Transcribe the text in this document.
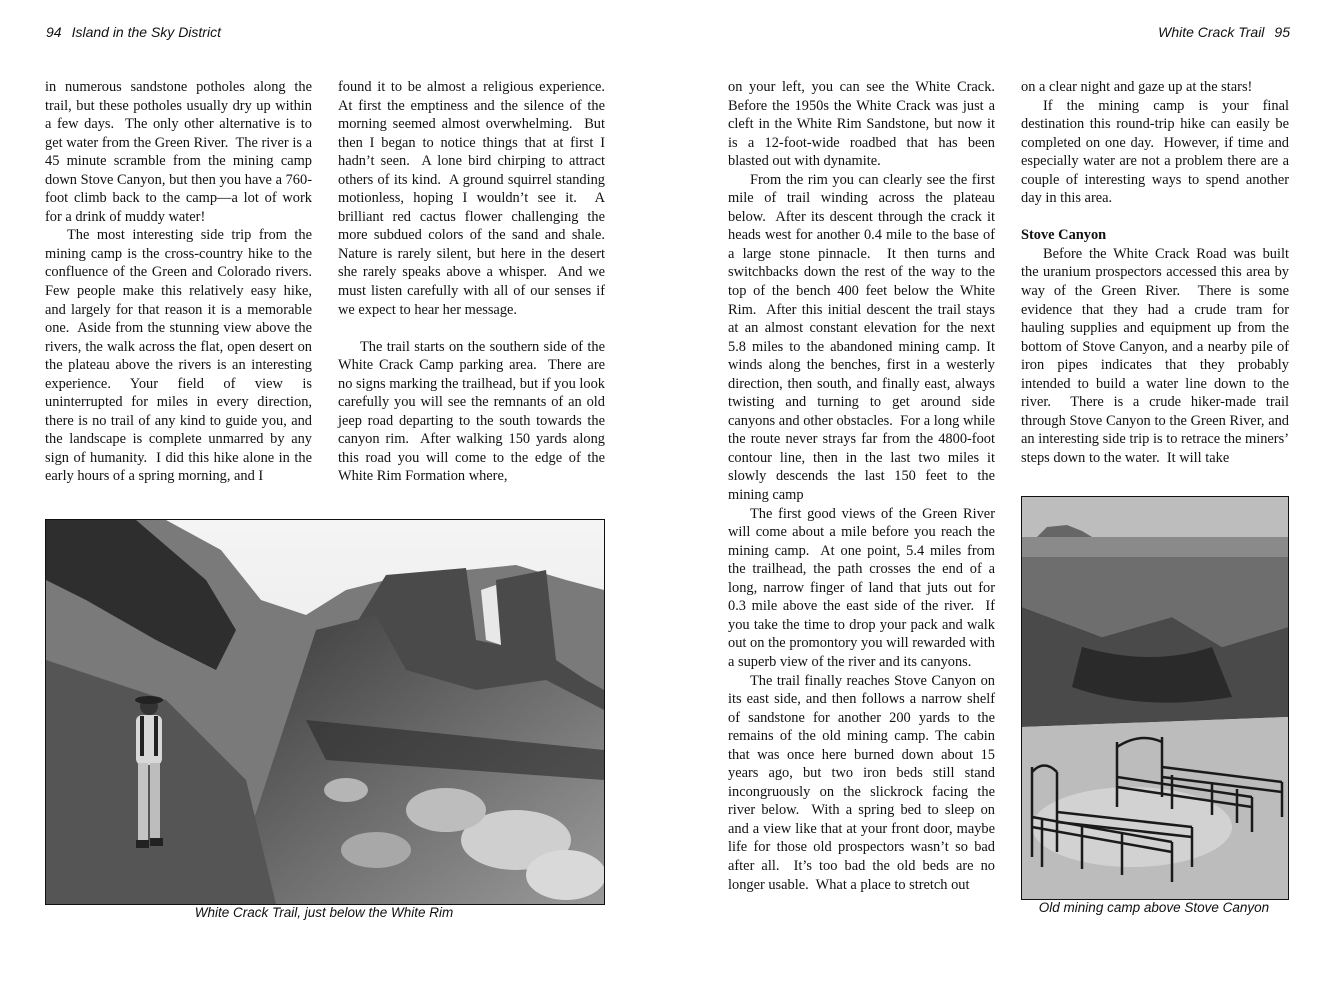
94 Island in the Sky District

in numerous sandstone potholes along the trail, but these potholes usually dry up within a few days.  The only other alternative is to get water from the Green River.  The river is a 45 minute scramble from the mining camp down Stove Canyon, but then you have a 760-foot climb back to the camp—a lot of work for a drink of muddy water!

The most interesting side trip from the mining camp is the cross-country hike to the confluence of the Green and Colorado rivers. Few people make this relatively easy hike, and largely for that reason it is a memorable one.  Aside from the stunning view above the rivers, the walk across the flat, open desert on the plateau above the rivers is an interesting experience. Your field of view is uninterrupted for miles in every direction, there is no trail of any kind to guide you, and the landscape is complete unmarred by any sign of humanity.  I did this hike alone in the early hours of a spring morning, and I

found it to be almost a religious experience. At first the emptiness and the silence of the morning seemed almost overwhelming.  But then I began to notice things that at first I hadn’t seen.  A lone bird chirping to attract others of its kind.  A ground squirrel standing motionless, hoping I wouldn’t see it.  A brilliant red cactus flower challenging the more subdued colors of the sand and shale. Nature is rarely silent, but here in the desert she rarely speaks above a whisper.  And we must listen carefully with all of our senses if we expect to hear her message.

The trail starts on the southern side of the White Crack Camp parking area.  There are no signs marking the trailhead, but if you look carefully you will see the remnants of an old jeep road departing to the south towards the canyon rim.  After walking 150 yards along this road you will come to the edge of the White Rim Formation where,

White Crack Trail, just below the White Rim
White Crack Trail 95

on your left, you can see the White Crack. Before the 1950s the White Crack was just a cleft in the White Rim Sandstone, but now it is a 12-foot-wide roadbed that has been blasted out with dynamite.

From the rim you can clearly see the first mile of trail winding across the plateau below.  After its descent through the crack it heads west for another 0.4 mile to the base of a large stone pinnacle.  It then turns and switchbacks down the rest of the way to the top of the bench 400 feet below the White Rim.  After this initial descent the trail stays at an almost constant elevation for the next 5.8 miles to the abandoned mining camp. It winds along the benches, first in a westerly direction, then south, and finally east, always twisting and turning to get around side canyons and other obstacles.  For a long while the route never strays far from the 4800-foot contour line, then in the last two miles it slowly descends the last 150 feet to the mining camp

The first good views of the Green River will come about a mile before you reach the mining camp.  At one point, 5.4 miles from the trailhead, the path crosses the end of a long, narrow finger of land that juts out for 0.3 mile above the east side of the river.  If you take the time to drop your pack and walk out on the promontory you will rewarded with a superb view of the river and its canyons.

The trail finally reaches Stove Canyon on its east side, and then follows a narrow shelf of sandstone for another 200 yards to the remains of the old mining camp. The cabin that was once here burned down about 15 years ago, but two iron beds still stand incongruously on the slickrock facing the river below.  With a spring bed to sleep on and a view like that at your front door, maybe life for those old prospectors wasn’t so bad after all.  It’s too bad the old beds are no longer usable.  What a place to stretch out

on a clear night and gaze up at the stars!

If the mining camp is your final destination this round-trip hike can easily be completed on one day.  However, if time and especially water are not a problem there are a couple of interesting ways to spend another day in this area.

Stove Canyon

Before the White Crack Road was built the uranium prospectors accessed this area by way of the Green River.  There is some evidence that they had a crude tram for hauling supplies and equipment up from the bottom of Stove Canyon, and a nearby pile of iron pipes indicates that they probably intended to build a water line down to the river.  There is a crude hiker-made trail through Stove Canyon to the Green River, and an interesting side trip is to retrace the miners’ steps down to the water.  It will take

Old mining camp above Stove Canyon
